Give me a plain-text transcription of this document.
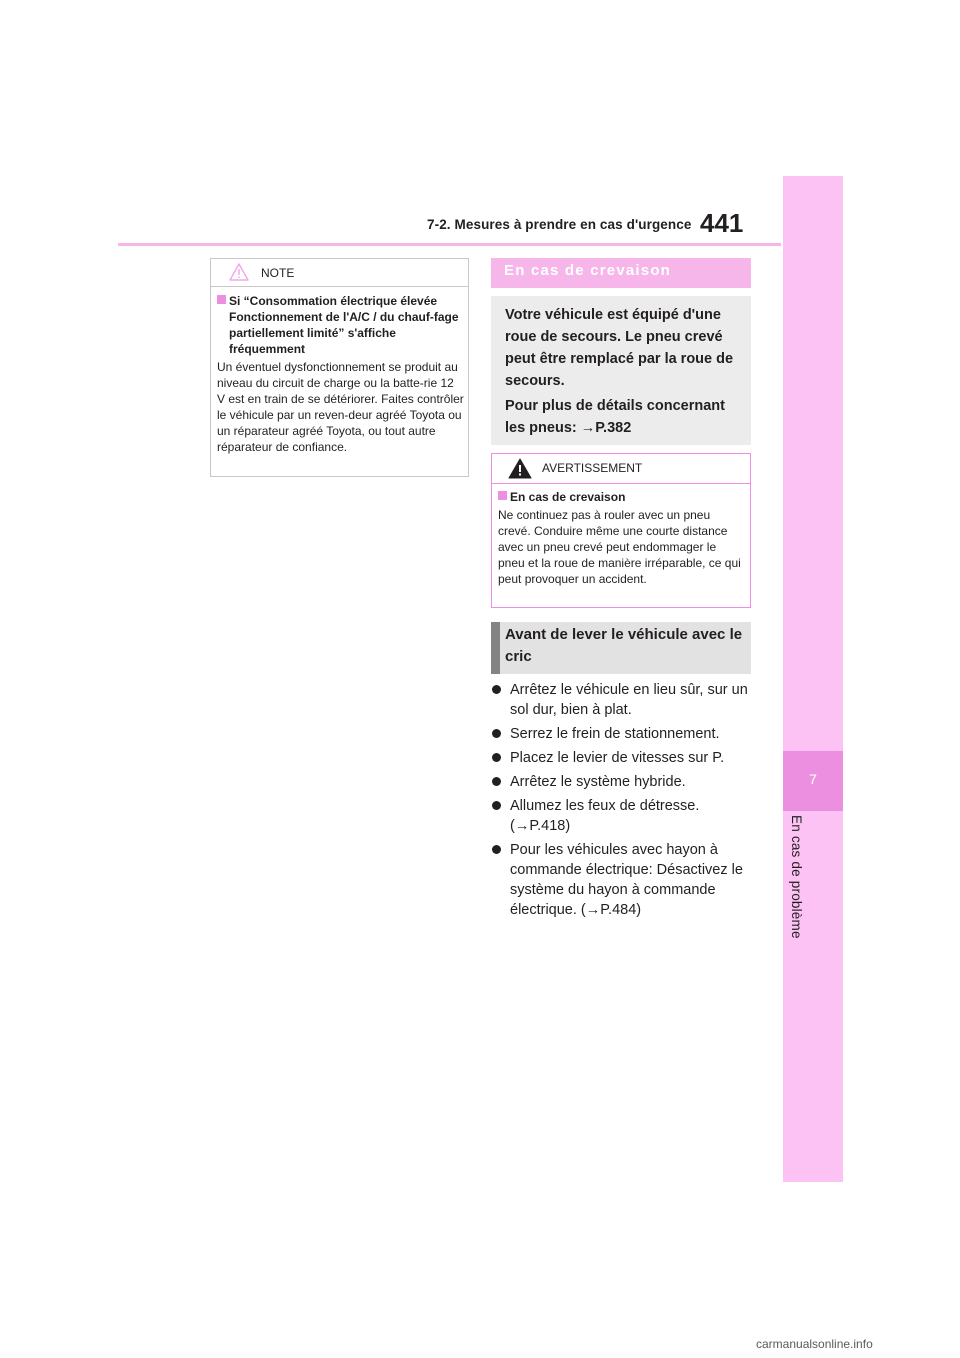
7-2. Mesures à prendre en cas d'urgence 441
7
En cas de problème
NOTE
Si “Consommation électrique élevée Fonctionnement de l'A/C / du chauf-fage partiellement limité” s'affiche fréquemment
Un éventuel dysfonctionnement se produit au niveau du circuit de charge ou la batte-rie 12 V est en train de se détériorer. Faites contrôler le véhicule par un reven-deur agréé Toyota ou un réparateur agréé Toyota, ou tout autre réparateur de confiance.
En cas de crevaison
Votre véhicule est équipé d'une roue de secours. Le pneu crevé peut être remplacé par la roue de secours.
Pour plus de détails concernant les pneus: →P.382
AVERTISSEMENT
En cas de crevaison
Ne continuez pas à rouler avec un pneu crevé. Conduire même une courte distance avec un pneu crevé peut endommager le pneu et la roue de manière irréparable, ce qui peut provoquer un accident.
Avant de lever le véhicule avec le cric
Arrêtez le véhicule en lieu sûr, sur un sol dur, bien à plat.
Serrez le frein de stationnement.
Placez le levier de vitesses sur P.
Arrêtez le système hybride.
Allumez les feux de détresse. (→P.418)
Pour les véhicules avec hayon à commande électrique: Désactivez le système du hayon à commande électrique. (→P.484)
carmanualsonline.info
